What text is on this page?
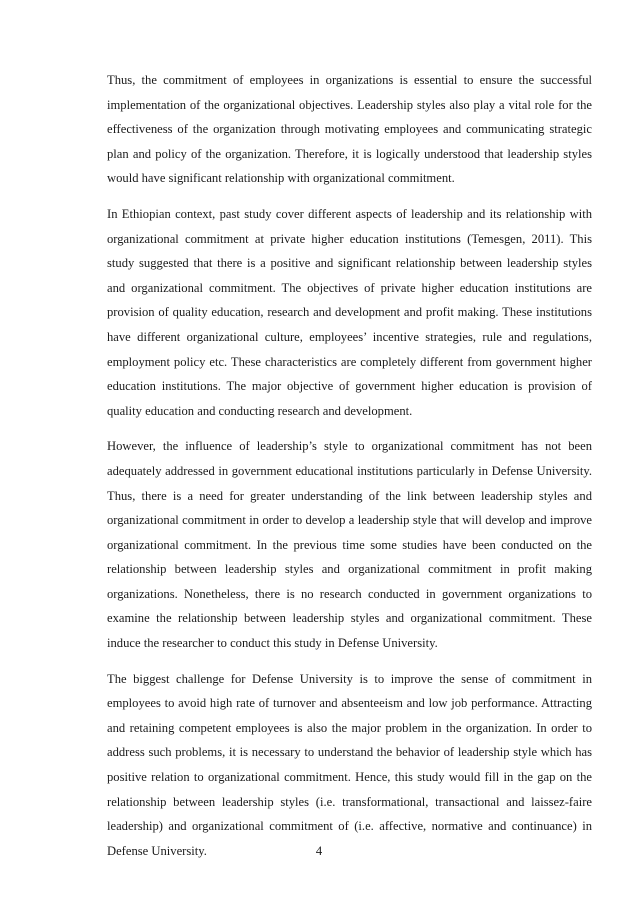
Thus, the commitment of employees in organizations is essential to ensure the successful implementation of the organizational objectives. Leadership styles also play a vital role for the effectiveness of the organization through motivating employees and communicating strategic plan and policy of the organization. Therefore, it is logically understood that leadership styles would have significant relationship with organizational commitment.

In Ethiopian context, past study cover different aspects of leadership and its relationship with organizational commitment at private higher education institutions (Temesgen, 2011). This study suggested that there is a positive and significant relationship between leadership styles and organizational commitment. The objectives of private higher education institutions are provision of quality education, research and development and profit making. These institutions have different organizational culture, employees’ incentive strategies, rule and regulations, employment policy etc. These characteristics are completely different from government higher education institutions. The major objective of government higher education is provision of quality education and conducting research and development.

However, the influence of leadership’s style to organizational commitment has not been adequately addressed in government educational institutions particularly in Defense University. Thus, there is a need for greater understanding of the link between leadership styles and organizational commitment in order to develop a leadership style that will develop and improve organizational commitment. In the previous time some studies have been conducted on the relationship between leadership styles and organizational commitment in profit making organizations. Nonetheless, there is no research conducted in government organizations to examine the relationship between leadership styles and organizational commitment. These induce the researcher to conduct this study in Defense University.

The biggest challenge for Defense University is to improve the sense of commitment in employees to avoid high rate of turnover and absenteeism and low job performance. Attracting and retaining competent employees is also the major problem in the organization. In order to address such problems, it is necessary to understand the behavior of leadership style which has positive relation to organizational commitment. Hence, this study would fill in the gap on the relationship between leadership styles (i.e. transformational, transactional and laissez-faire leadership) and organizational commitment of (i.e. affective, normative and continuance) in Defense University.	4
